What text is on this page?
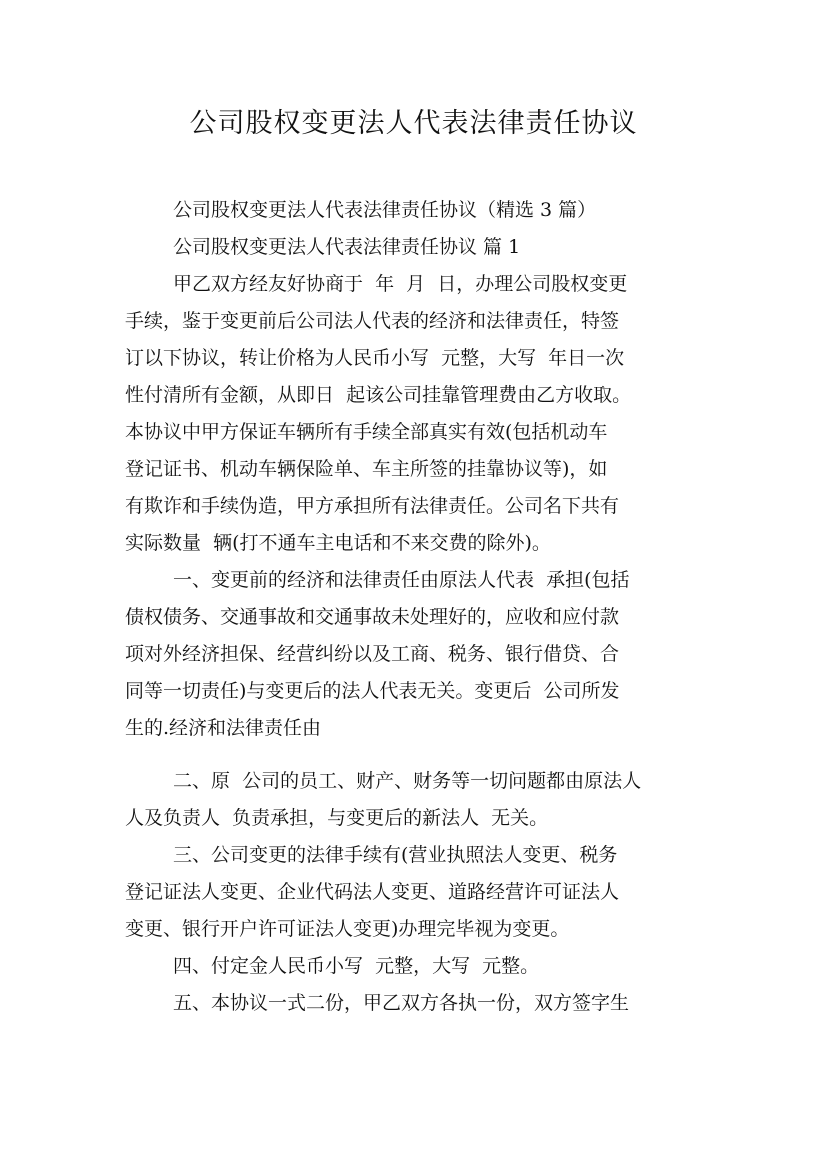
公司股权变更法人代表法律责任协议
公司股权变更法人代表法律责任协议（精选 3 篇）
公司股权变更法人代表法律责任协议 篇 1
甲乙双方经友好协商于  年  月  日，办理公司股权变更
手续，鉴于变更前后公司法人代表的经济和法律责任，特签
订以下协议，转让价格为人民币小写  元整，大写  年日一次
性付清所有金额，从即日  起该公司挂靠管理费由乙方收取。
本协议中甲方保证车辆所有手续全部真实有效(包括机动车
登记证书、机动车辆保险单、车主所签的挂靠协议等)，如
有欺诈和手续伪造，甲方承担所有法律责任。公司名下共有
实际数量  辆(打不通车主电话和不来交费的除外)。
一、变更前的经济和法律责任由原法人代表  承担(包括
债权债务、交通事故和交通事故未处理好的，应收和应付款
项对外经济担保、经营纠纷以及工商、税务、银行借贷、合
同等一切责任)与变更后的法人代表无关。变更后  公司所发
生的.经济和法律责任由
二、原  公司的员工、财产、财务等一切问题都由原法人
人及负责人  负责承担，与变更后的新法人  无关。
三、公司变更的法律手续有(营业执照法人变更、税务
登记证法人变更、企业代码法人变更、道路经营许可证法人
变更、银行开户许可证法人变更)办理完毕视为变更。
四、付定金人民币小写  元整，大写  元整。
五、本协议一式二份，甲乙双方各执一份，双方签字生
